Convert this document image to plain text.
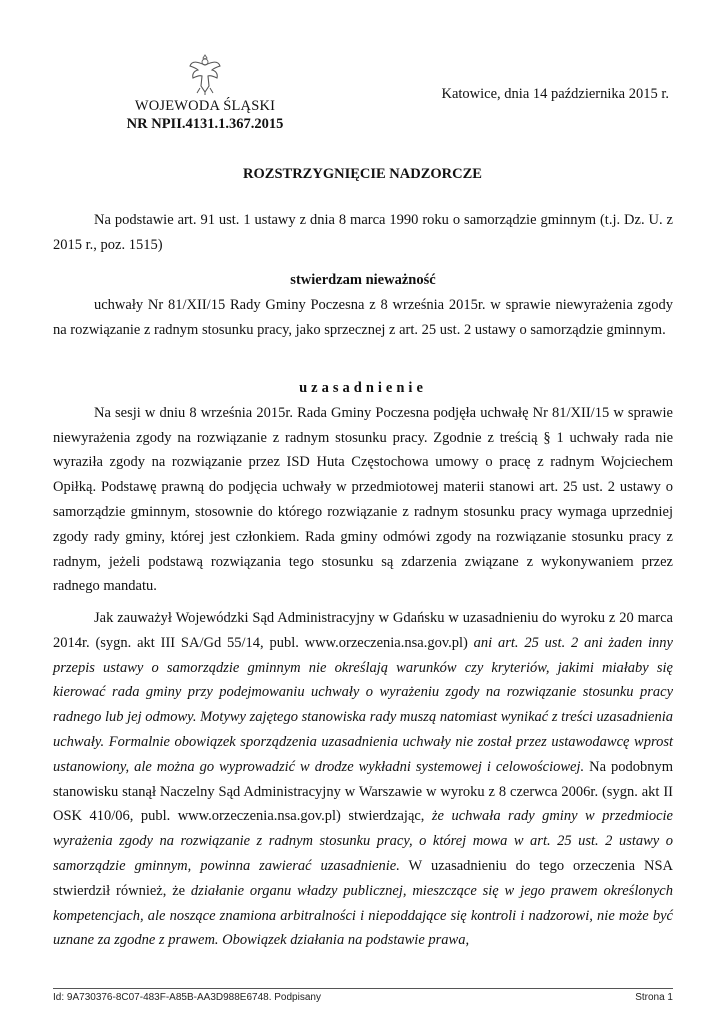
WOJEWODA ŚLĄSKI
NR NPII.4131.1.367.2015
Katowice, dnia 14 października 2015 r.
ROZSTRZYGNIĘCIE NADZORCZE

Na podstawie art. 91 ust. 1 ustawy z dnia 8 marca 1990 roku o samorządzie gminnym (t.j. Dz. U. z 2015 r., poz. 1515)

stwierdzam nieważność

uchwały Nr 81/XII/15 Rady Gminy Poczesna z 8 września 2015r. w sprawie niewyrażenia zgody na rozwiązanie z radnym stosunku pracy, jako sprzecznej z art. 25 ust. 2 ustawy o samorządzie gminnym.

uzasadnienie

Na sesji w dniu 8 września 2015r. Rada Gminy Poczesna podjęła uchwałę Nr 81/XII/15 w sprawie niewyrażenia zgody na rozwiązanie z radnym stosunku pracy. Zgodnie z treścią § 1 uchwały rada nie wyraziła zgody na rozwiązanie przez ISD Huta Częstochowa umowy o pracę z radnym Wojciechem Opiłką. Podstawę prawną do podjęcia uchwały w przedmiotowej materii stanowi art. 25 ust. 2 ustawy o samorządzie gminnym, stosownie do którego rozwiązanie z radnym stosunku pracy wymaga uprzedniej zgody rady gminy, której jest członkiem. Rada gminy odmówi zgody na rozwiązanie stosunku pracy z radnym, jeżeli podstawą rozwiązania tego stosunku są zdarzenia związane z wykonywaniem przez radnego mandatu.

Jak zauważył Wojewódzki Sąd Administracyjny w Gdańsku w uzasadnieniu do wyroku z 20 marca 2014r. (sygn. akt III SA/Gd 55/14, publ. www.orzeczenia.nsa.gov.pl) ani art. 25 ust. 2 ani żaden inny przepis ustawy o samorządzie gminnym nie określają warunków czy kryteriów, jakimi miałaby się kierować rada gminy przy podejmowaniu uchwały o wyrażeniu zgody na rozwiązanie stosunku pracy radnego lub jej odmowy. Motywy zajętego stanowiska rady muszą natomiast wynikać z treści uzasadnienia uchwały. Formalnie obowiązek sporządzenia uzasadnienia uchwały nie został przez ustawodawcę wprost ustanowiony, ale można go wyprowadzić w drodze wykładni systemowej i celowościowej. Na podobnym stanowisku stanął Naczelny Sąd Administracyjny w Warszawie w wyroku z 8 czerwca 2006r. (sygn. akt II OSK 410/06, publ. www.orzeczenia.nsa.gov.pl) stwierdzając, że uchwała rady gminy w przedmiocie wyrażenia zgody na rozwiązanie z radnym stosunku pracy, o której mowa w art. 25 ust. 2 ustawy o samorządzie gminnym, powinna zawierać uzasadnienie. W uzasadnieniu do tego orzeczenia NSA stwierdził również, że działanie organu władzy publicznej, mieszczące się w jego prawem określonych kompetencjach, ale noszące znamiona arbitralności i niepoddające się kontroli i nadzorowi, nie może być uznane za zgodne z prawem. Obowiązek działania na podstawie prawa,

Id: 9A730376-8C07-483F-A85B-AA3D988E6748. Podpisany	Strona 1
